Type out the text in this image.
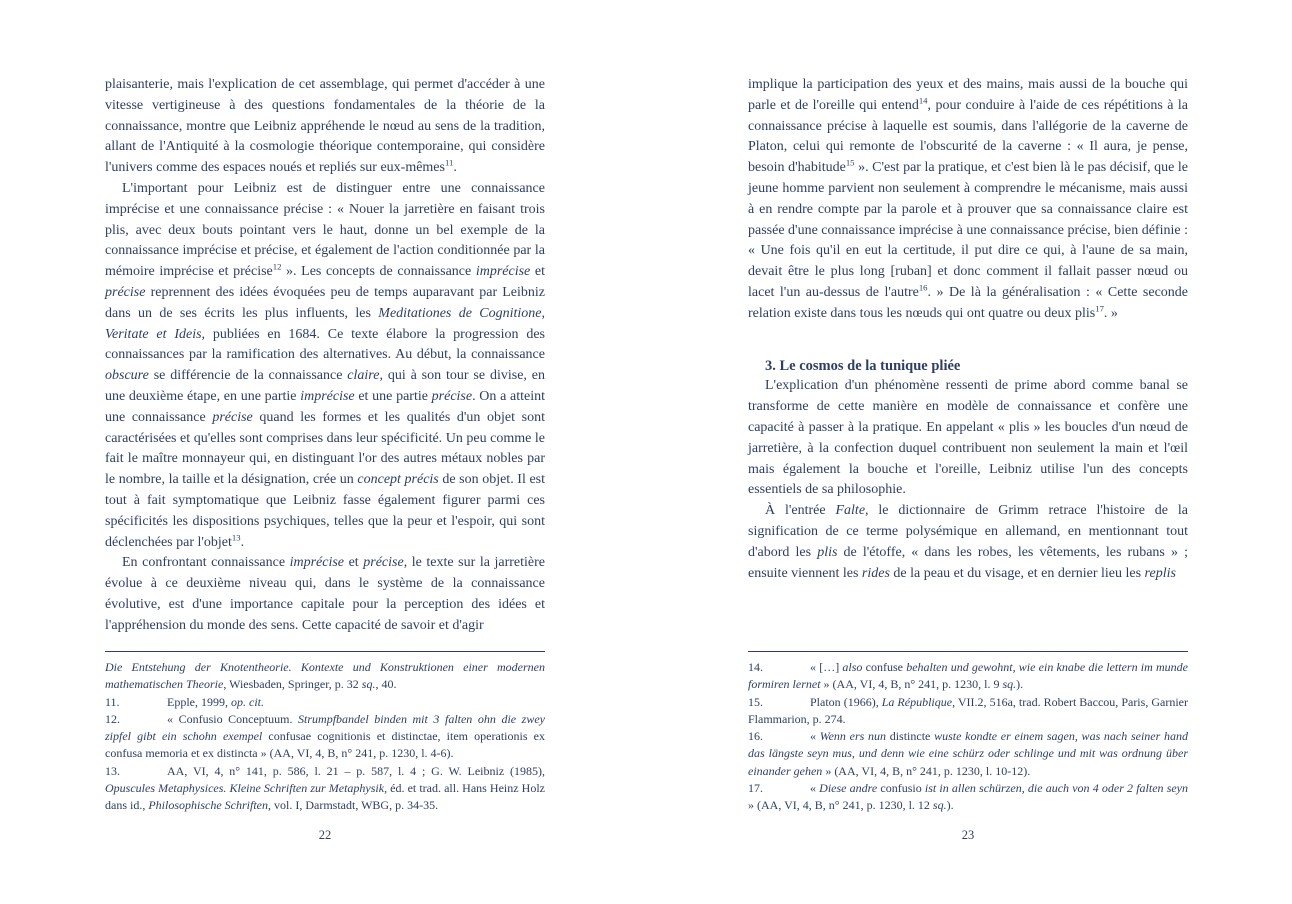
plaisanterie, mais l'explication de cet assemblage, qui permet d'accéder à une vitesse vertigineuse à des questions fondamentales de la théorie de la connaissance, montre que Leibniz appréhende le nœud au sens de la tradition, allant de l'Antiquité à la cosmologie théorique contemporaine, qui considère l'univers comme des espaces noués et repliés sur eux-mêmes$^{11}$.

L'important pour Leibniz est de distinguer entre une connaissance imprécise et une connaissance précise : « Nouer la jarretière en faisant trois plis, avec deux bouts pointant vers le haut, donne un bel exemple de la connaissance imprécise et précise, et également de l'action conditionnée par la mémoire imprécise et précise$^{12}$ ». Les concepts de connaissance imprécise et précise reprennent des idées évoquées peu de temps auparavant par Leibniz dans un de ses écrits les plus influents, les Meditationes de Cognitione, Veritate et Ideis, publiées en 1684. Ce texte élabore la progression des connaissances par la ramification des alternatives. Au début, la connaissance obscure se différencie de la connaissance claire, qui à son tour se divise, en une deuxième étape, en une partie imprécise et une partie précise. On a atteint une connaissance précise quand les formes et les qualités d'un objet sont caractérisées et qu'elles sont comprises dans leur spécificité. Un peu comme le fait le maître monnayeur qui, en distinguant l'or des autres métaux nobles par le nombre, la taille et la désignation, crée un concept précis de son objet. Il est tout à fait symptomatique que Leibniz fasse également figurer parmi ces spécificités les dispositions psychiques, telles que la peur et l'espoir, qui sont déclenchées par l'objet$^{13}$.

En confrontant connaissance imprécise et précise, le texte sur la jarretière évolue à ce deuxième niveau qui, dans le système de la connaissance évolutive, est d'une importance capitale pour la perception des idées et l'appréhension du monde des sens. Cette capacité de savoir et d'agir

Die Entstehung der Knotentheorie. Kontexte und Konstruktionen einer modernen mathematischen Theorie, Wiesbaden, Springer, p. 32 sq., 40.
11.	Epple, 1999, op. cit.
12.	« Confusio Conceptuum. Strumpfbandel binden mit 3 falten ohn die zwey zipfel gibt ein schohn exempel confusae cognitionis et distinctae, item operationis ex confusa memoria et ex distincta » (AA, VI, 4, B, n° 241, p. 1230, l. 4-6).
13.	AA, VI, 4, n° 141, p. 586, l. 21 – p. 587, l. 4 ; G. W. Leibniz (1985), Opuscules Metaphysices. Kleine Schriften zur Metaphysik, éd. et trad. all. Hans Heinz Holz dans id., Philosophische Schriften, vol. I, Darmstadt, WBG, p. 34-35.
22

implique la participation des yeux et des mains, mais aussi de la bouche qui parle et de l'oreille qui entend$^{14}$, pour conduire à l'aide de ces répétitions à la connaissance précise à laquelle est soumis, dans l'allégorie de la caverne de Platon, celui qui remonte de l'obscurité de la caverne : « Il aura, je pense, besoin d'habitude$^{15}$ ». C'est par la pratique, et c'est bien là le pas décisif, que le jeune homme parvient non seulement à comprendre le mécanisme, mais aussi à en rendre compte par la parole et à prouver que sa connaissance claire est passée d'une connaissance imprécise à une connaissance précise, bien définie : « Une fois qu'il en eut la certitude, il put dire ce qui, à l'aune de sa main, devait être le plus long [ruban] et donc comment il fallait passer nœud ou lacet l'un au-dessus de l'autre$^{16}$. » De là la généralisation : « Cette seconde relation existe dans tous les nœuds qui ont quatre ou deux plis$^{17}$. »

3. Le cosmos de la tunique pliée

L'explication d'un phénomène ressenti de prime abord comme banal se transforme de cette manière en modèle de connaissance et confère une capacité à passer à la pratique. En appelant « plis » les boucles d'un nœud de jarretière, à la confection duquel contribuent non seulement la main et l'œil mais également la bouche et l'oreille, Leibniz utilise l'un des concepts essentiels de sa philosophie.

À l'entrée Falte, le dictionnaire de Grimm retrace l'histoire de la signification de ce terme polysémique en allemand, en mentionnant tout d'abord les plis de l'étoffe, « dans les robes, les vêtements, les rubans » ; ensuite viennent les rides de la peau et du visage, et en dernier lieu les replis

14.	« […] also confuse behalten und gewohnt, wie ein knabe die lettern im munde formiren lernet » (AA, VI, 4, B, n° 241, p. 1230, l. 9 sq.).
15.	Platon (1966), La République, VII.2, 516a, trad. Robert Baccou, Paris, Garnier Flammarion, p. 274.
16.	« Wenn ers nun distincte wuste kondte er einem sagen, was nach seiner hand das längste seyn mus, und denn wie eine schürz oder schlinge und mit was ordnung über einander gehen » (AA, VI, 4, B, n° 241, p. 1230, l. 10-12).
17.	« Diese andre confusio ist in allen schürzen, die auch von 4 oder 2 falten seyn » (AA, VI, 4, B, n° 241, p. 1230, l. 12 sq.).
23
